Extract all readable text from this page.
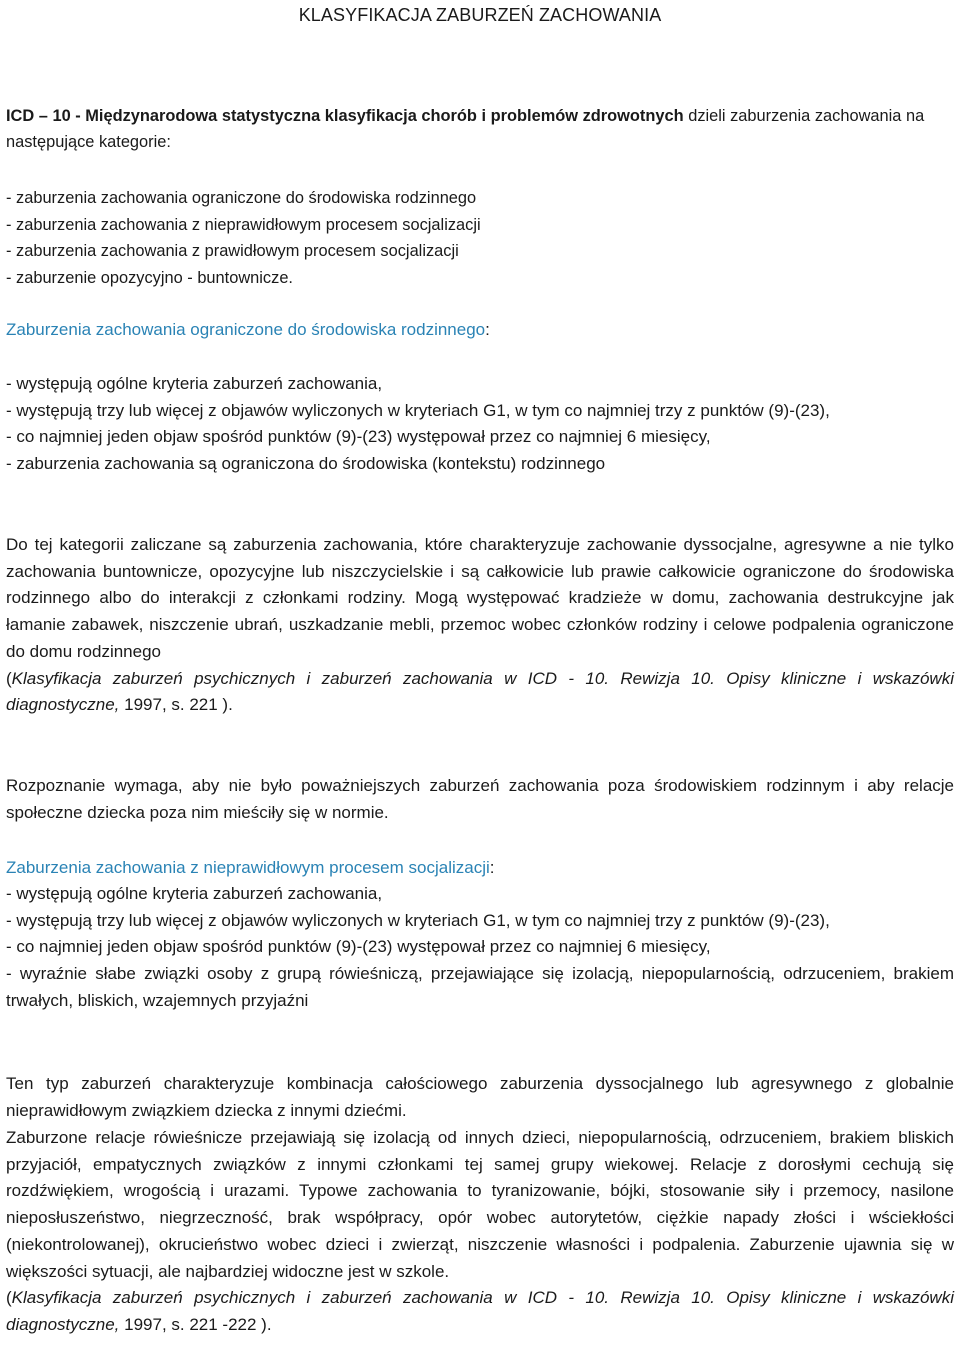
KLASYFIKACJA ZABURZEŃ ZACHOWANIA
ICD – 10 - Międzynarodowa statystyczna klasyfikacja chorób i problemów zdrowotnych dzieli zaburzenia zachowania na następujące kategorie:
- zaburzenia zachowania ograniczone do środowiska rodzinnego
- zaburzenia zachowania z nieprawidłowym procesem socjalizacji
- zaburzenia zachowania z prawidłowym procesem socjalizacji
- zaburzenie opozycyjno - buntownicze.
Zaburzenia zachowania ograniczone do środowiska rodzinnego:
- występują ogólne kryteria zaburzeń zachowania,
- występują trzy lub więcej z objawów wyliczonych w kryteriach G1, w tym co najmniej trzy z punktów (9)-(23),
- co najmniej jeden objaw spośród punktów (9)-(23) występował przez co najmniej 6 miesięcy,
- zaburzenia zachowania są ograniczona do środowiska (kontekstu) rodzinnego
Do tej kategorii zaliczane są zaburzenia zachowania, które charakteryzuje zachowanie dyssocjalne, agresywne a nie tylko zachowania buntownicze, opozycyjne lub niszczycielskie i są całkowicie lub prawie całkowicie ograniczone do środowiska rodzinnego albo do interakcji z członkami rodziny. Mogą występować kradzieże w domu, zachowania destrukcyjne jak łamanie zabawek, niszczenie ubrań, uszkadzanie mebli, przemoc wobec członków rodziny i celowe podpalenia ograniczone do domu rodzinnego
(Klasyfikacja zaburzeń psychicznych i zaburzeń zachowania w ICD - 10. Rewizja 10. Opisy kliniczne i wskazówki diagnostyczne, 1997, s. 221 ).
Rozpoznanie wymaga, aby nie było poważniejszych zaburzeń zachowania poza środowiskiem rodzinnym i aby relacje społeczne dziecka poza nim mieściły się w normie.
Zaburzenia zachowania z nieprawidłowym procesem socjalizacji:
- występują ogólne kryteria zaburzeń zachowania,
- występują trzy lub więcej z objawów wyliczonych w kryteriach G1, w tym co najmniej trzy z punktów (9)-(23),
- co najmniej jeden objaw spośród punktów (9)-(23) występował przez co najmniej 6 miesięcy,
- wyraźnie słabe związki osoby z grupą rówieśniczą, przejawiające się izolacją, niepopularnością, odrzuceniem, brakiem trwałych, bliskich, wzajemnych przyjaźni
Ten typ zaburzeń charakteryzuje kombinacja całościowego zaburzenia dyssocjalnego lub agresywnego z globalnie nieprawidłowym związkiem dziecka z innymi dziećmi.
Zaburzone relacje rówieśnicze przejawiają się izolacją od innych dzieci, niepopularnością, odrzuceniem, brakiem bliskich przyjaciół, empatycznych związków z innymi członkami tej samej grupy wiekowej. Relacje z dorosłymi cechują się rozdźwiękiem, wrogością i urazami. Typowe zachowania to tyranizowanie, bójki, stosowanie siły i przemocy, nasilone nieposłuszeństwo, niegrzeczność, brak współpracy, opór wobec autorytetów, ciężkie napady złości i wściekłości (niekontrolowanej), okrucieństwo wobec dzieci i zwierząt, niszczenie własności i podpalenia. Zaburzenie ujawnia się w większości sytuacji, ale najbardziej widoczne jest w szkole.
(Klasyfikacja zaburzeń psychicznych i zaburzeń zachowania w ICD - 10. Rewizja 10. Opisy kliniczne i wskazówki diagnostyczne, 1997, s. 221 -222 ).
